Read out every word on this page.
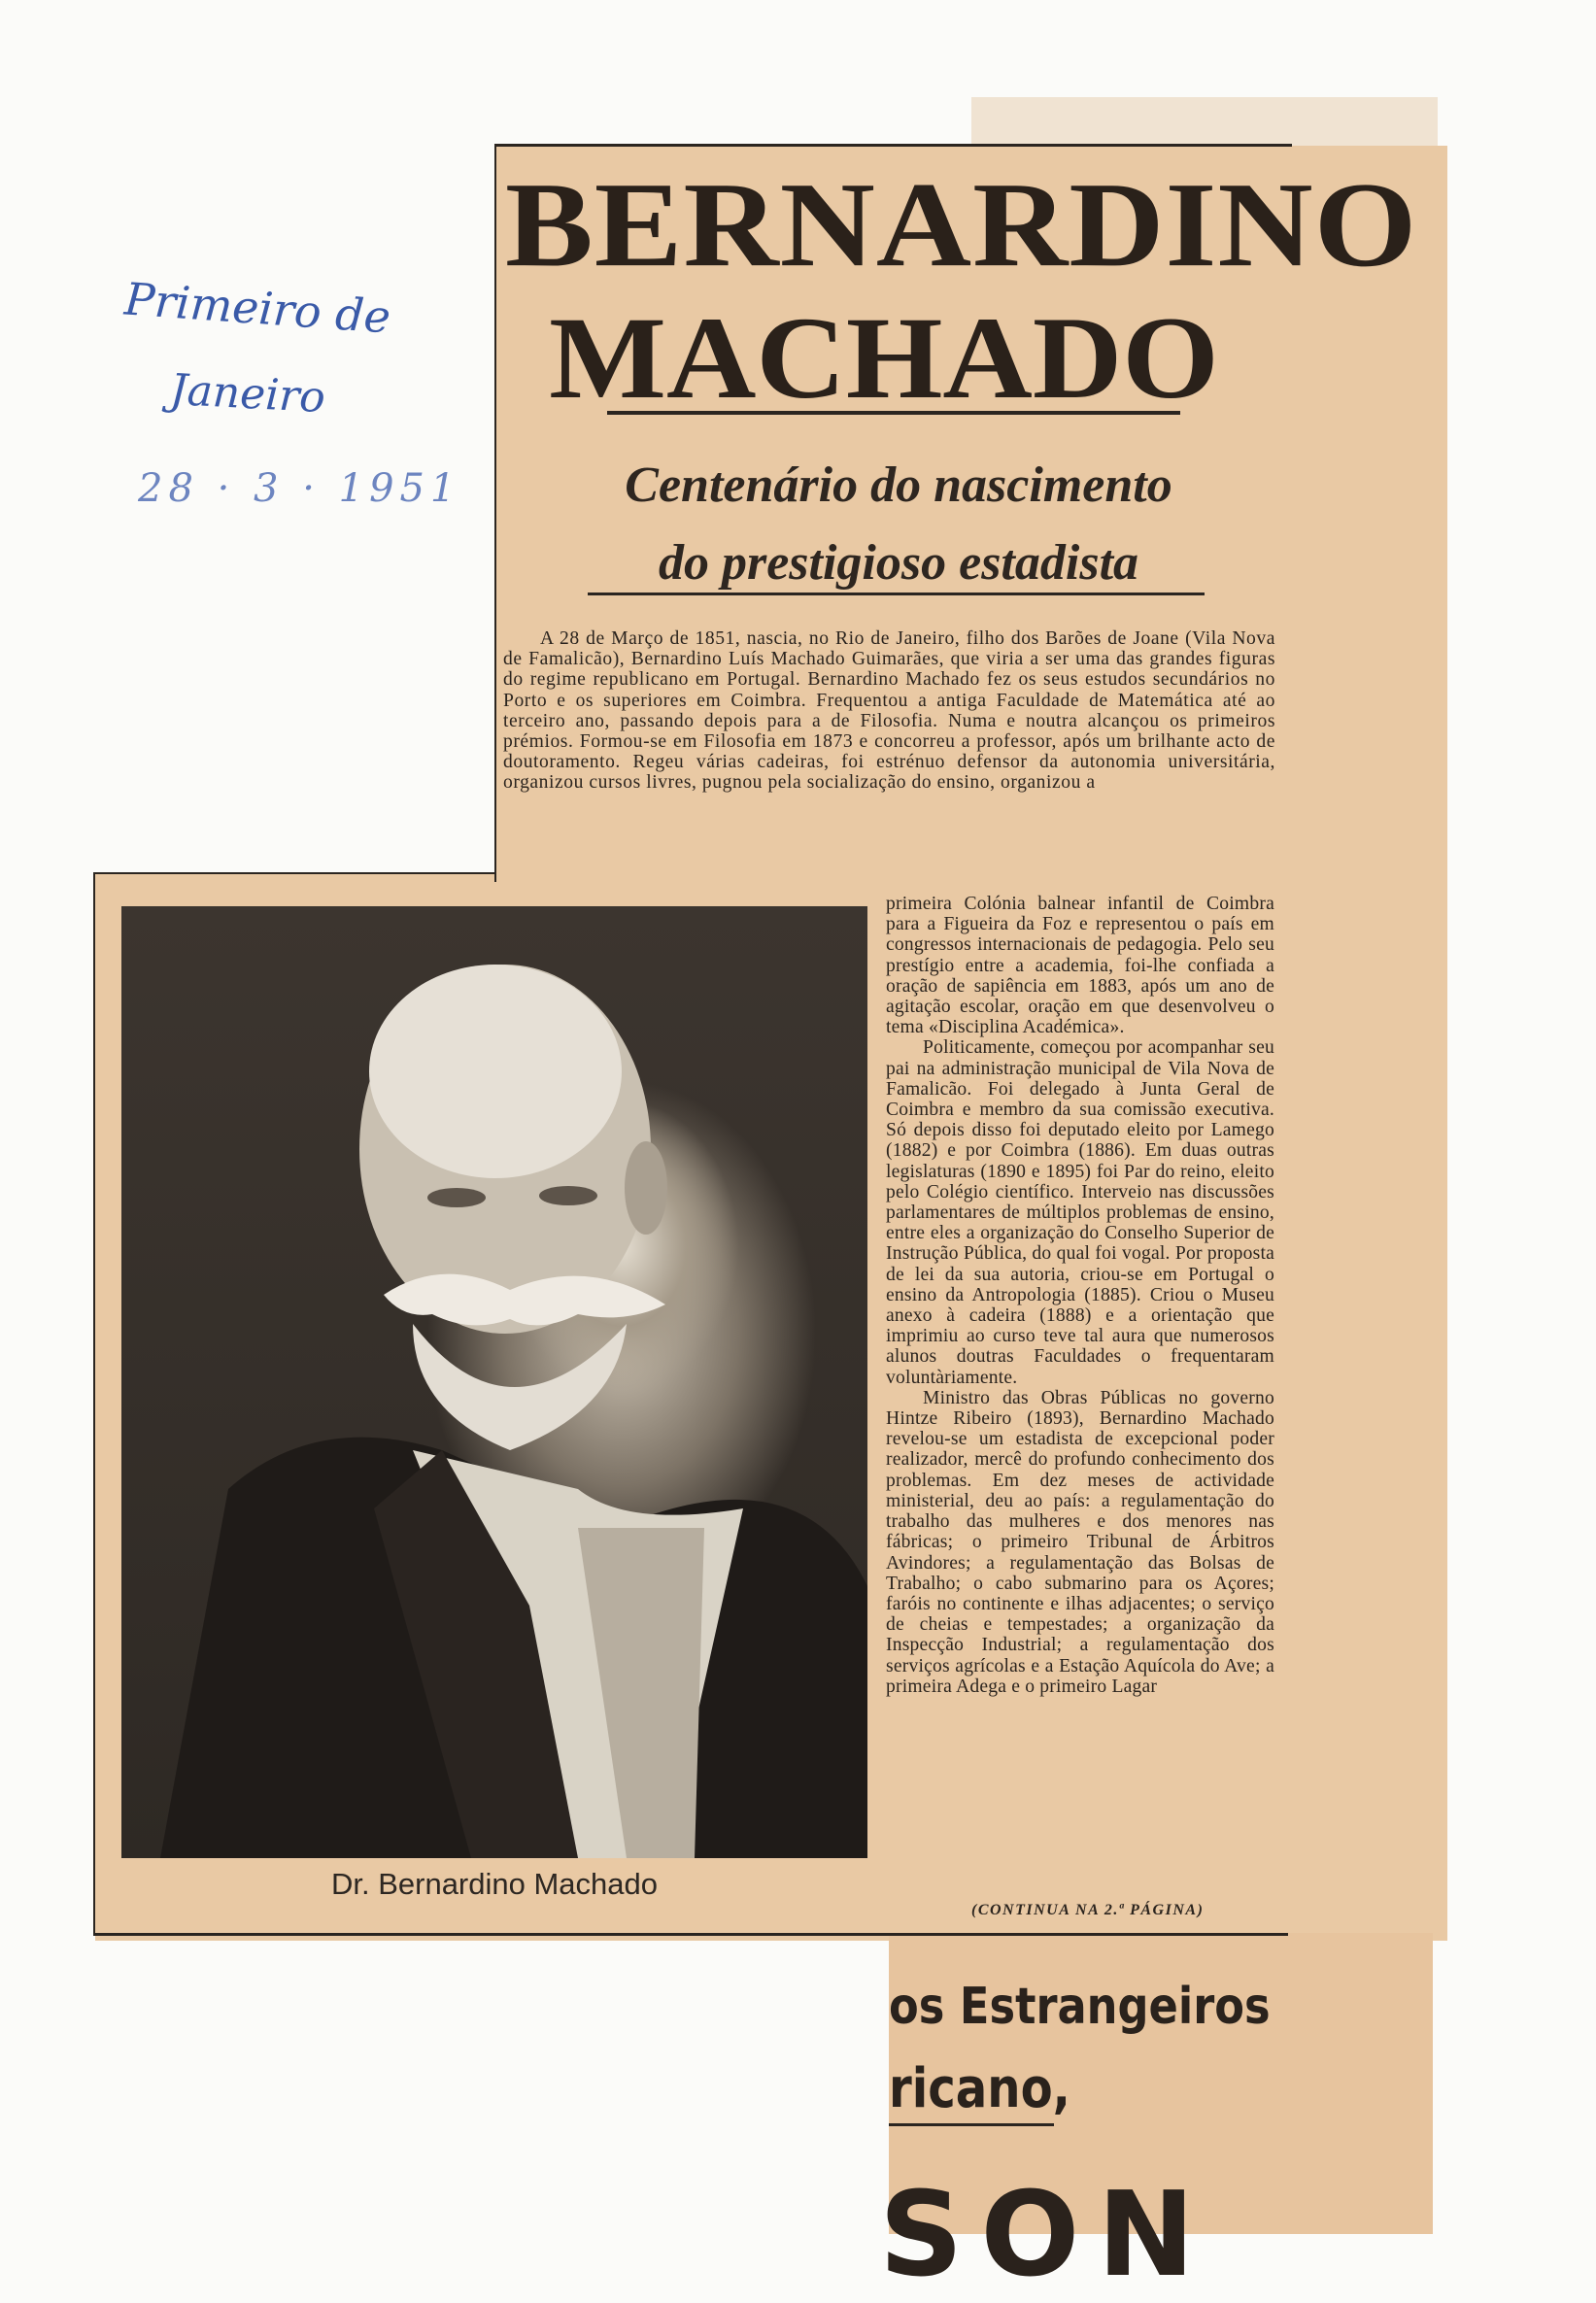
Primeiro de
Janeiro
28 · 3 · 1951
BERNARDINO
MACHADO
Centenário do nascimento
do prestigioso estadista

A 28 de Março de 1851, nascia, no Rio de Janeiro, filho dos Barões de Joane (Vila Nova de Famalicão), Bernardino Luís Machado Guimarães, que viria a ser uma das grandes figuras do regime republicano em Portugal. Bernardino Machado fez os seus estudos secundários no Porto e os superiores em Coimbra. Frequentou a antiga Faculdade de Matemática até ao terceiro ano, passando depois para a de Filosofia. Numa e noutra alcançou os primeiros prémios. Formou-se em Filosofia em 1873 e concorreu a professor, após um brilhante acto de doutoramento. Regeu várias cadeiras, foi estrénuo defensor da autonomia universitária, organizou cursos livres, pugnou pela socialização do ensino, organizou a

primeira Colónia balnear infantil de Coimbra para a Figueira da Foz e representou o país em congressos internacionais de pedagogia. Pelo seu prestígio entre a academia, foi-lhe confiada a oração de sapiência em 1883, após um ano de agitação escolar, oração em que desenvolveu o tema «Disciplina Académica».

Politicamente, começou por acompanhar seu pai na administração municipal de Vila Nova de Famalicão. Foi delegado à Junta Geral de Coimbra e membro da sua comissão executiva. Só depois disso foi deputado eleito por Lamego (1882) e por Coimbra (1886). Em duas outras legislaturas (1890 e 1895) foi Par do reino, eleito pelo Colégio científico. Interveio nas discussões parlamentares de múltiplos problemas de ensino, entre eles a organização do Conselho Superior de Instrução Pública, do qual foi vogal. Por proposta de lei da sua autoria, criou-se em Portugal o ensino da Antropologia (1885). Criou o Museu anexo à cadeira (1888) e a orientação que imprimiu ao curso teve tal aura que numerosos alunos doutras Faculdades o frequentaram voluntàriamente.

Ministro das Obras Públicas no governo Hintze Ribeiro (1893), Bernardino Machado revelou-se um estadista de excepcional poder realizador, mercê do profundo conhecimento dos problemas. Em dez meses de actividade ministerial, deu ao país: a regulamentação do trabalho das mulheres e dos menores nas fábricas; o primeiro Tribunal de Árbitros Avindores; a regulamentação das Bolsas de Trabalho; o cabo submarino para os Açores; faróis no continente e ilhas adjacentes; o serviço de cheias e tempestades; a organização da Inspecção Industrial; a regulamentação dos serviços agrícolas e a Estação Aquícola do Ave; a primeira Adega e o primeiro Lagar

(CONTINUA NA 2.ª PÁGINA)
Dr. Bernardino Machado
os Estrangeiros
ricano,
SON
